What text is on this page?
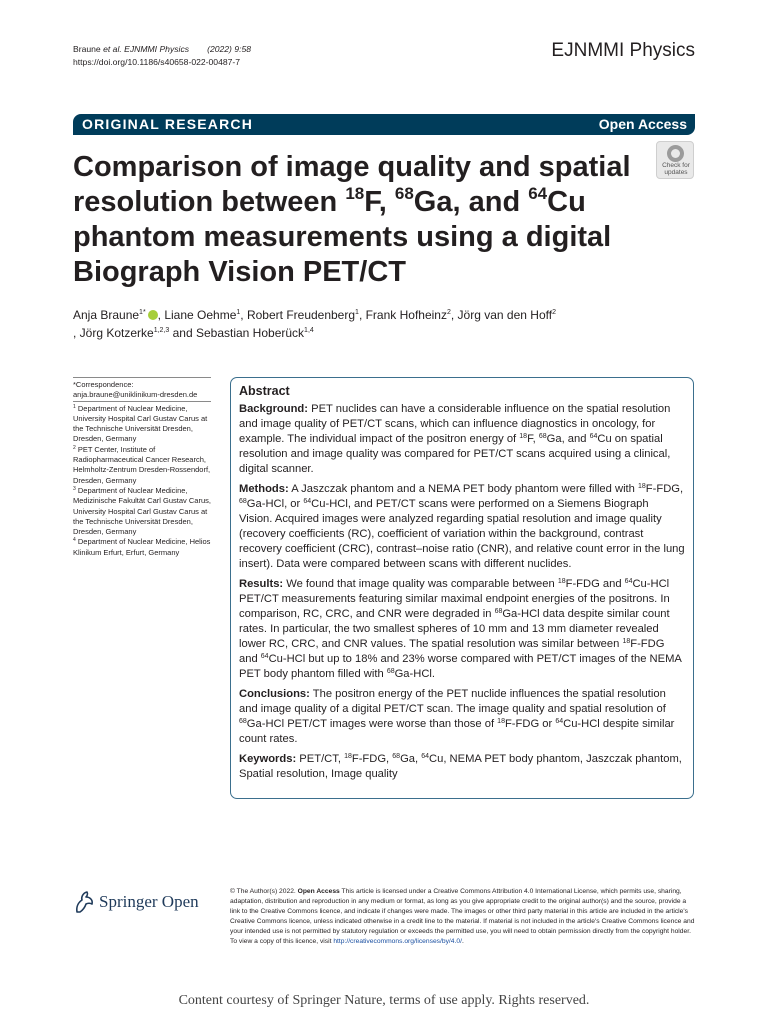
Braune et al. EJNMMI Physics (2022) 9:58
https://doi.org/10.1186/s40658-022-00487-7
EJNMMI Physics
ORIGINAL RESEARCH	Open Access
Comparison of image quality and spatial resolution between $^{18}$F, $^{68}$Ga, and $^{64}$Cu phantom measurements using a digital Biograph Vision PET/CT
Check for
updates
Anja Braune$^{1*}$ , Liane Oehme$^1$, Robert Freudenberg$^1$, Frank Hofheinz$^2$, Jörg van den Hoff$^2$
, Jörg Kotzerke$^{1,2,3}$ and Sebastian Hoberück$^{1,4}$

*Correspondence:

anja.braune@uniklinikum-dresden.de

$^1$ Department of Nuclear Medicine, University Hospital Carl Gustav Carus at the Technische Universität Dresden, Dresden, Germany

$^2$ PET Center, Institute of Radiopharmaceutical Cancer Research, Helmholtz-Zentrum Dresden-Rossendorf, Dresden, Germany

$^3$ Department of Nuclear Medicine, Medizinische Fakultät Carl Gustav Carus, University Hospital Carl Gustav Carus at the Technische Universität Dresden, Dresden, Germany

$^4$ Department of Nuclear Medicine, Helios Klinikum Erfurt, Erfurt, Germany

Abstract

Background: PET nuclides can have a considerable influence on the spatial resolution and image quality of PET/CT scans, which can influence diagnostics in oncology, for example. The individual impact of the positron energy of $^{18}$F, $^{68}$Ga, and $^{64}$Cu on spatial resolution and image quality was compared for PET/CT scans acquired using a clinical, digital scanner.

Methods: A Jaszczak phantom and a NEMA PET body phantom were filled with $^{18}$F-FDG, $^{68}$Ga-HCl, or $^{64}$Cu-HCl, and PET/CT scans were performed on a Siemens Biograph Vision. Acquired images were analyzed regarding spatial resolution and image quality (recovery coefficients (RC), coefficient of variation within the background, contrast recovery coefficient (CRC), contrast–noise ratio (CNR), and relative count error in the lung insert). Data were compared between scans with different nuclides.

Results: We found that image quality was comparable between $^{18}$F-FDG and $^{64}$Cu-HCl PET/CT measurements featuring similar maximal endpoint energies of the positrons. In comparison, RC, CRC, and CNR were degraded in $^{68}$Ga-HCl data despite similar count rates. In particular, the two smallest spheres of 10 mm and 13 mm diameter revealed lower RC, CRC, and CNR values. The spatial resolution was similar between $^{18}$F-FDG and $^{64}$Cu-HCl but up to 18% and 23% worse compared with PET/CT images of the NEMA PET body phantom filled with $^{68}$Ga-HCl.

Conclusions: The positron energy of the PET nuclide influences the spatial resolution and image quality of a digital PET/CT scan. The image quality and spatial resolution of $^{68}$Ga-HCl PET/CT images were worse than those of $^{18}$F-FDG or $^{64}$Cu-HCl despite similar count rates.

Keywords: PET/CT, $^{18}$F-FDG, $^{68}$Ga, $^{64}$Cu, NEMA PET body phantom, Jaszczak phantom, Spatial resolution, Image quality

Springer Open
© The Author(s) 2022. Open Access This article is licensed under a Creative Commons Attribution 4.0 International License, which permits use, sharing, adaptation, distribution and reproduction in any medium or format, as long as you give appropriate credit to the original author(s) and the source, provide a link to the Creative Commons licence, and indicate if changes were made. The images or other third party material in this article are included in the article's Creative Commons licence, unless indicated otherwise in a credit line to the material. If material is not included in the article's Creative Commons licence and your intended use is not permitted by statutory regulation or exceeds the permitted use, you will need to obtain permission directly from the copyright holder. To view a copy of this licence, visit http://creativecommons.org/licenses/by/4.0/.
Content courtesy of Springer Nature, terms of use apply. Rights reserved.
